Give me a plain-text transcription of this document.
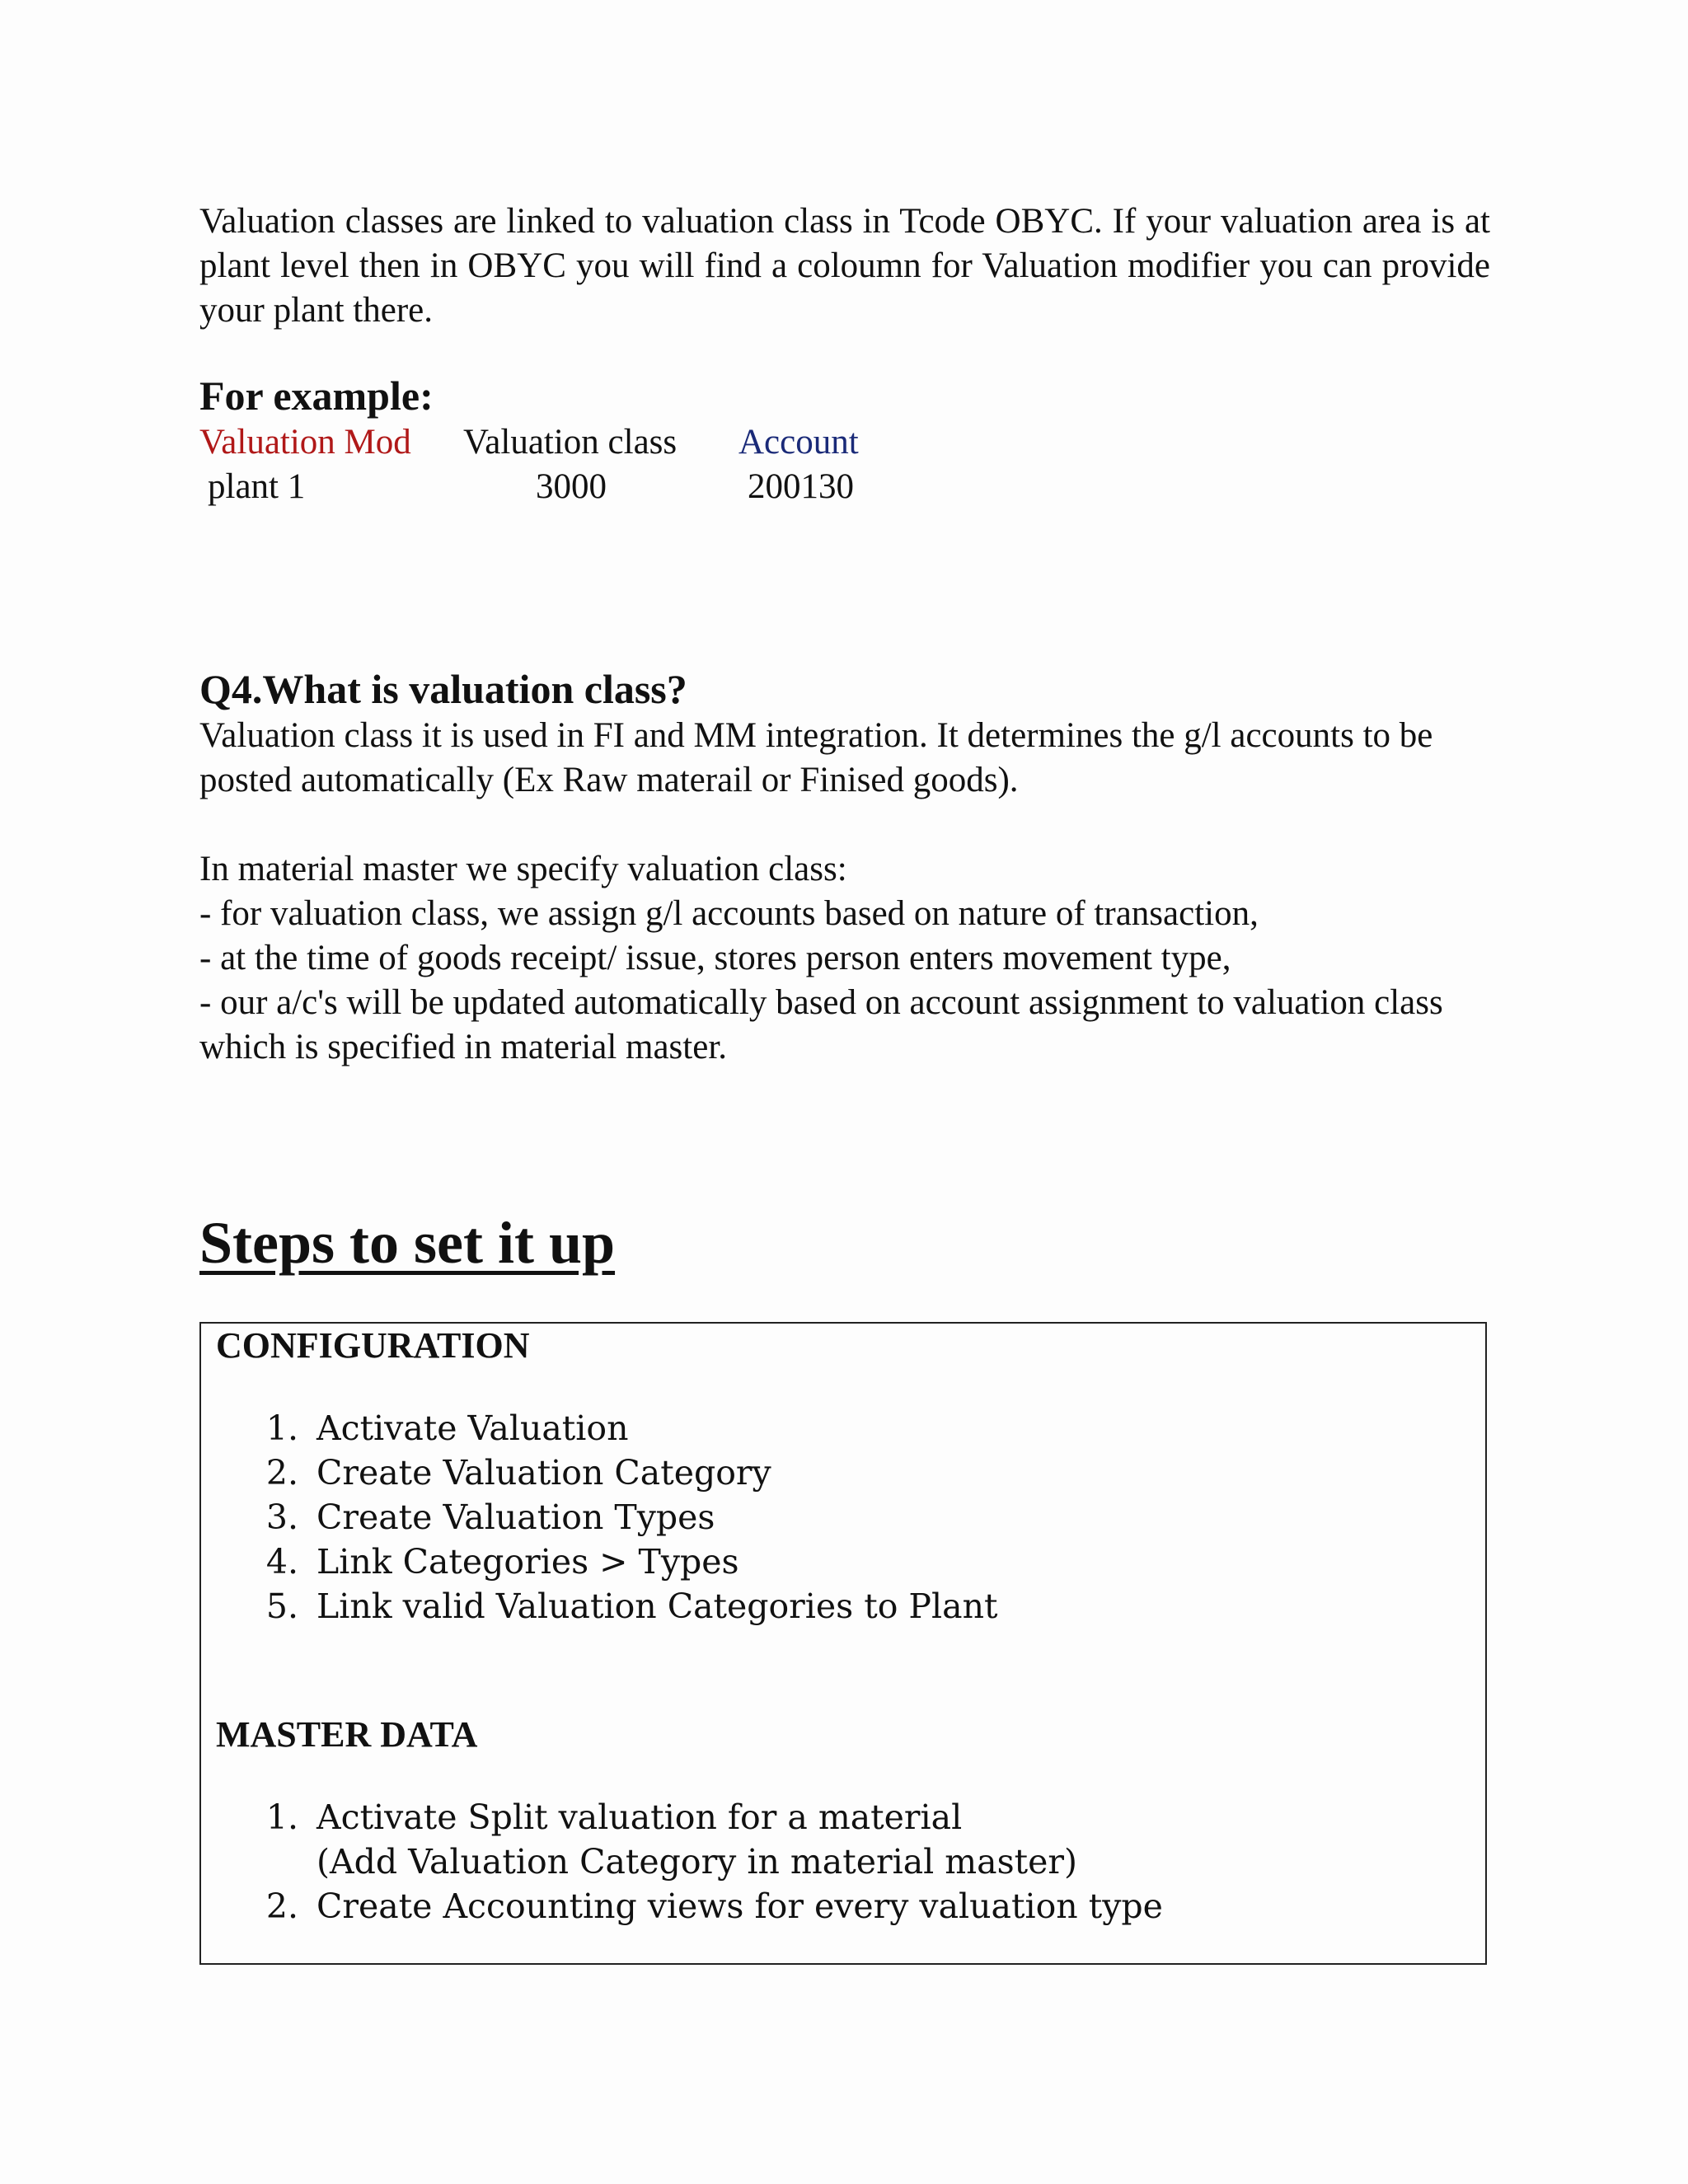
Valuation classes are linked to valuation class in Tcode OBYC. If your valuation area is at plant level then in OBYC you will find a coloumn for Valuation modifier you can provide your plant there.

For example:

Valuation Mod Valuation class Account
plant 1	3000	200130

Q4.What is valuation class?

Valuation class it is used in FI and MM integration. It determines the g/l accounts to be posted automatically (Ex Raw materail or Finised goods).

In material master we specify valuation class:
- for valuation class, we assign g/l accounts based on nature of transaction,
- at the time of goods receipt/ issue, stores person enters movement type,
- our a/c's will be updated automatically based on account assignment to valuation class which is specified in material master.
Steps to set it up

CONFIGURATION

1. Activate Valuation
2. Create Valuation Category
3. Create Valuation Types
4. Link Categories > Types
5. Link valid Valuation Categories to Plant

MASTER DATA

1. Activate Split valuation for a material
(Add Valuation Category in material master)
2. Create Accounting views for every valuation type
